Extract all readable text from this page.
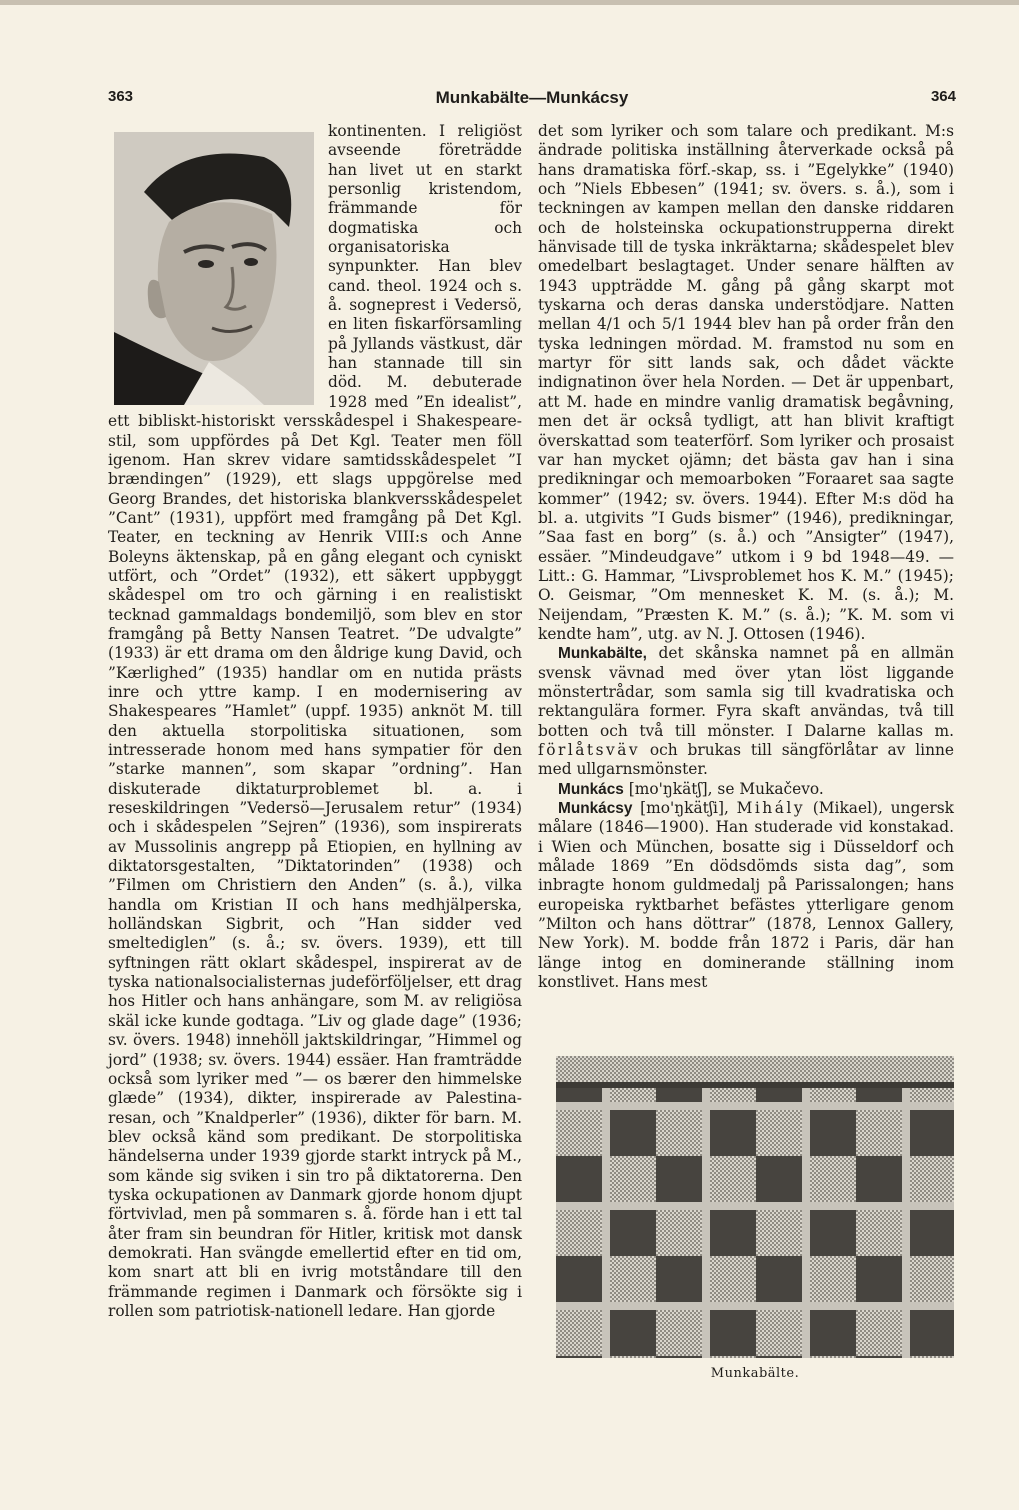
363	Munkabälte—Munkácsy	364

kontinenten. I religiöst avseende företrädde han livet ut en starkt personlig kristendom, främmande för dogmatiska och organisatoriska synpunkter. Han blev cand. theol. 1924 och s. å. sogneprest i Vedersö, en liten fiskarförsamling på Jyllands västkust, där han stannade till sin död. M. debuterade 1928 med ”En idealist”, ett bibliskt-historiskt versskådespel i Shakespeare-stil, som uppfördes på Det Kgl. Teater men föll igenom. Han skrev vidare samtidsskådespelet ”I brændingen” (1929), ett slags uppgörelse med Georg Brandes, det historiska blankversskådespelet ”Cant” (1931), uppfört med framgång på Det Kgl. Teater, en teckning av Henrik VIII:s och Anne Boleyns äktenskap, på en gång elegant och cyniskt utfört, och ”Ordet” (1932), ett säkert uppbyggt skådespel om tro och gärning i en realistiskt tecknad gammaldags bondemiljö, som blev en stor framgång på Betty Nansen Teatret. ”De udvalgte” (1933) är ett drama om den åldrige kung David, och ”Kærlighed” (1935) handlar om en nutida prästs inre och yttre kamp. I en modernisering av Shakespeares ”Hamlet” (uppf. 1935) anknöt M. till den aktuella storpolitiska situationen, som intresserade honom med hans sympatier för den ”starke mannen”, som skapar ”ordning”. Han diskuterade diktaturproblemet bl. a. i reseskildringen ”Vedersö—Jerusalem retur” (1934) och i skådespelen ”Sejren” (1936), som inspirerats av Mussolinis angrepp på Etiopien, en hyllning av diktatorsgestalten, ”Diktatorinden” (1938) och ”Filmen om Christiern den Anden” (s. å.), vilka handla om Kristian II och hans medhjälperska, holländskan Sigbrit, och ”Han sidder ved smeltediglen” (s. å.; sv. övers. 1939), ett till syftningen rätt oklart skådespel, inspirerat av de tyska nationalsocialisternas judeförföljelser, ett drag hos Hitler och hans anhängare, som M. av religiösa skäl icke kunde godtaga. ”Liv og glade dage” (1936; sv. övers. 1948) innehöll jaktskildringar, ”Himmel og jord” (1938; sv. övers. 1944) essäer. Han framträdde också som lyriker med ”— os bærer den himmelske glæde” (1934), dikter, inspirerade av Palestina-resan, och ”Knaldperler” (1936), dikter för barn. M. blev också känd som predikant. De storpolitiska händelserna under 1939 gjorde starkt intryck på M., som kände sig sviken i sin tro på diktatorerna. Den tyska ockupationen av Danmark gjorde honom djupt förtvivlad, men på sommaren s. å. förde han i ett tal åter fram sin beundran för Hitler, kritisk mot dansk demokrati. Han svängde emellertid efter en tid om, kom snart att bli en ivrig motståndare till den främmande regimen i Danmark och försökte sig i rollen som patriotisk-nationell ledare. Han gjorde

det som lyriker och som talare och predikant. M:s ändrade politiska inställning återverkade också på hans dramatiska förf.-skap, ss. i ”Egelykke” (1940) och ”Niels Ebbesen” (1941; sv. övers. s. å.), som i teckningen av kampen mellan den danske riddaren och de holsteinska ockupationstrupperna direkt hänvisade till de tyska inkräktarna; skådespelet blev omedelbart beslagtaget. Under senare hälften av 1943 uppträdde M. gång på gång skarpt mot tyskarna och deras danska understödjare. Natten mellan 4/1 och 5/1 1944 blev han på order från den tyska ledningen mördad. M. framstod nu som en martyr för sitt lands sak, och dådet väckte indignatinon över hela Norden. — Det är uppenbart, att M. hade en mindre vanlig dramatisk begåvning, men det är också tydligt, att han blivit kraftigt överskattad som teaterförf. Som lyriker och prosaist var han mycket ojämn; det bästa gav han i sina predikningar och memoarboken ”Foraaret saa sagte kommer” (1942; sv. övers. 1944). Efter M:s död ha bl. a. utgivits ”I Guds bismer” (1946), predikningar, ”Saa fast en borg” (s. å.) och ”Ansigter” (1947), essäer. ”Mindeudgave” utkom i 9 bd 1948—49. — Litt.: G. Hammar, ”Livsproblemet hos K. M.” (1945); O. Geismar, ”Om mennesket K. M. (s. å.); M. Neijendam, ”Præsten K. M.” (s. å.); ”K. M. som vi kendte ham”, utg. av N. J. Ottosen (1946).

Munkabälte, det skånska namnet på en allmän svensk vävnad med över ytan löst liggande mönstertrådar, som samla sig till kvadratiska och rektangulära former. Fyra skaft användas, två till botten och två till mönster. I Dalarne kallas m. förlåtsväv och brukas till sängförlåtar av linne med ullgarnsmönster.

Munkács [mo'ŋkätʃ], se Mukačevo.

Munkácsy [mo'ŋkätʃi], Mihály (Mikael), ungersk målare (1846—1900). Han studerade vid konstakad. i Wien och München, bosatte sig i Düsseldorf och målade 1869 ”En dödsdömds sista dag”, som inbragte honom guldmedalj på Parissalongen; hans europeiska ryktbarhet befästes ytterligare genom ”Milton och hans döttrar” (1878, Lennox Gallery, New York). M. bodde från 1872 i Paris, där han länge intog en dominerande ställning inom konstlivet. Hans mest

Munkabälte.
